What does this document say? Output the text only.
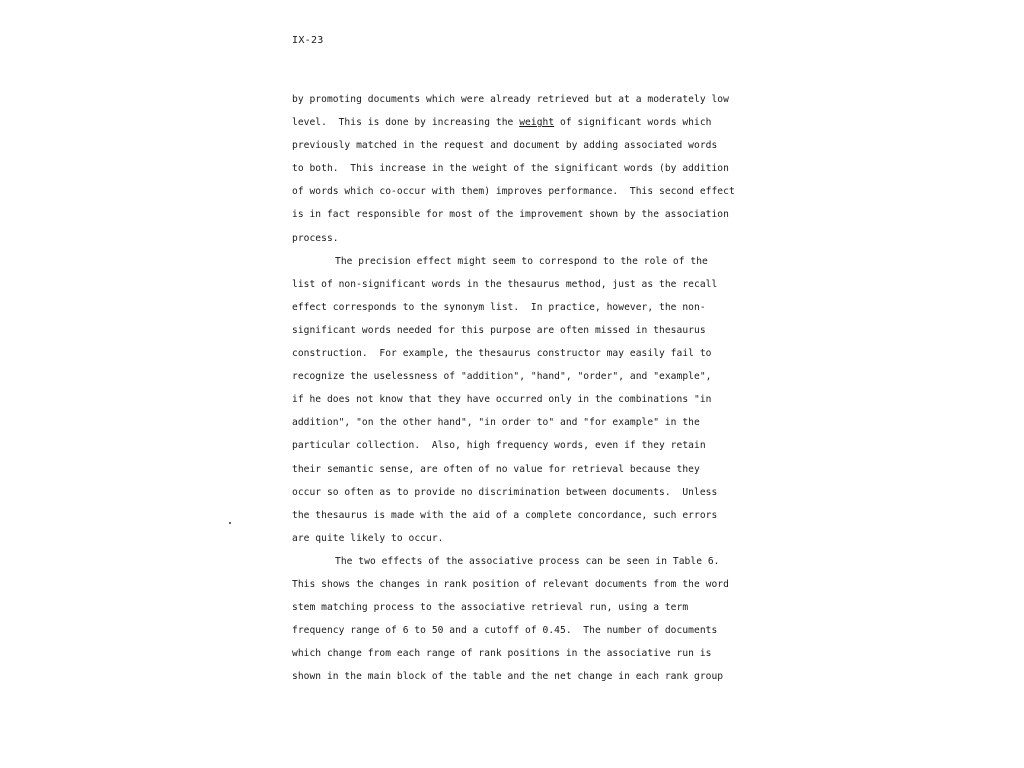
IX-23
by promoting documents which were already retrieved but at a moderately low
level.  This is done by increasing the weight of significant words which
previously matched in the request and document by adding associated words
to both.  This increase in the weight of the significant words (by addition
of words which co-occur with them) improves performance.  This second effect
is in fact responsible for most of the improvement shown by the association
process.
The precision effect might seem to correspond to the role of the
list of non-significant words in the thesaurus method, just as the recall
effect corresponds to the synonym list.  In practice, however, the non-
significant words needed for this purpose are often missed in thesaurus
construction.  For example, the thesaurus constructor may easily fail to
recognize the uselessness of "addition", "hand", "order", and "example",
if he does not know that they have occurred only in the combinations "in
addition", "on the other hand", "in order to" and "for example" in the
particular collection.  Also, high frequency words, even if they retain
their semantic sense, are often of no value for retrieval because they
occur so often as to provide no discrimination between documents.  Unless
the thesaurus is made with the aid of a complete concordance, such errors
are quite likely to occur.
The two effects of the associative process can be seen in Table 6.
This shows the changes in rank position of relevant documents from the word
stem matching process to the associative retrieval run, using a term
frequency range of 6 to 50 and a cutoff of 0.45.  The number of documents
which change from each range of rank positions in the associative run is
shown in the main block of the table and the net change in each rank group
